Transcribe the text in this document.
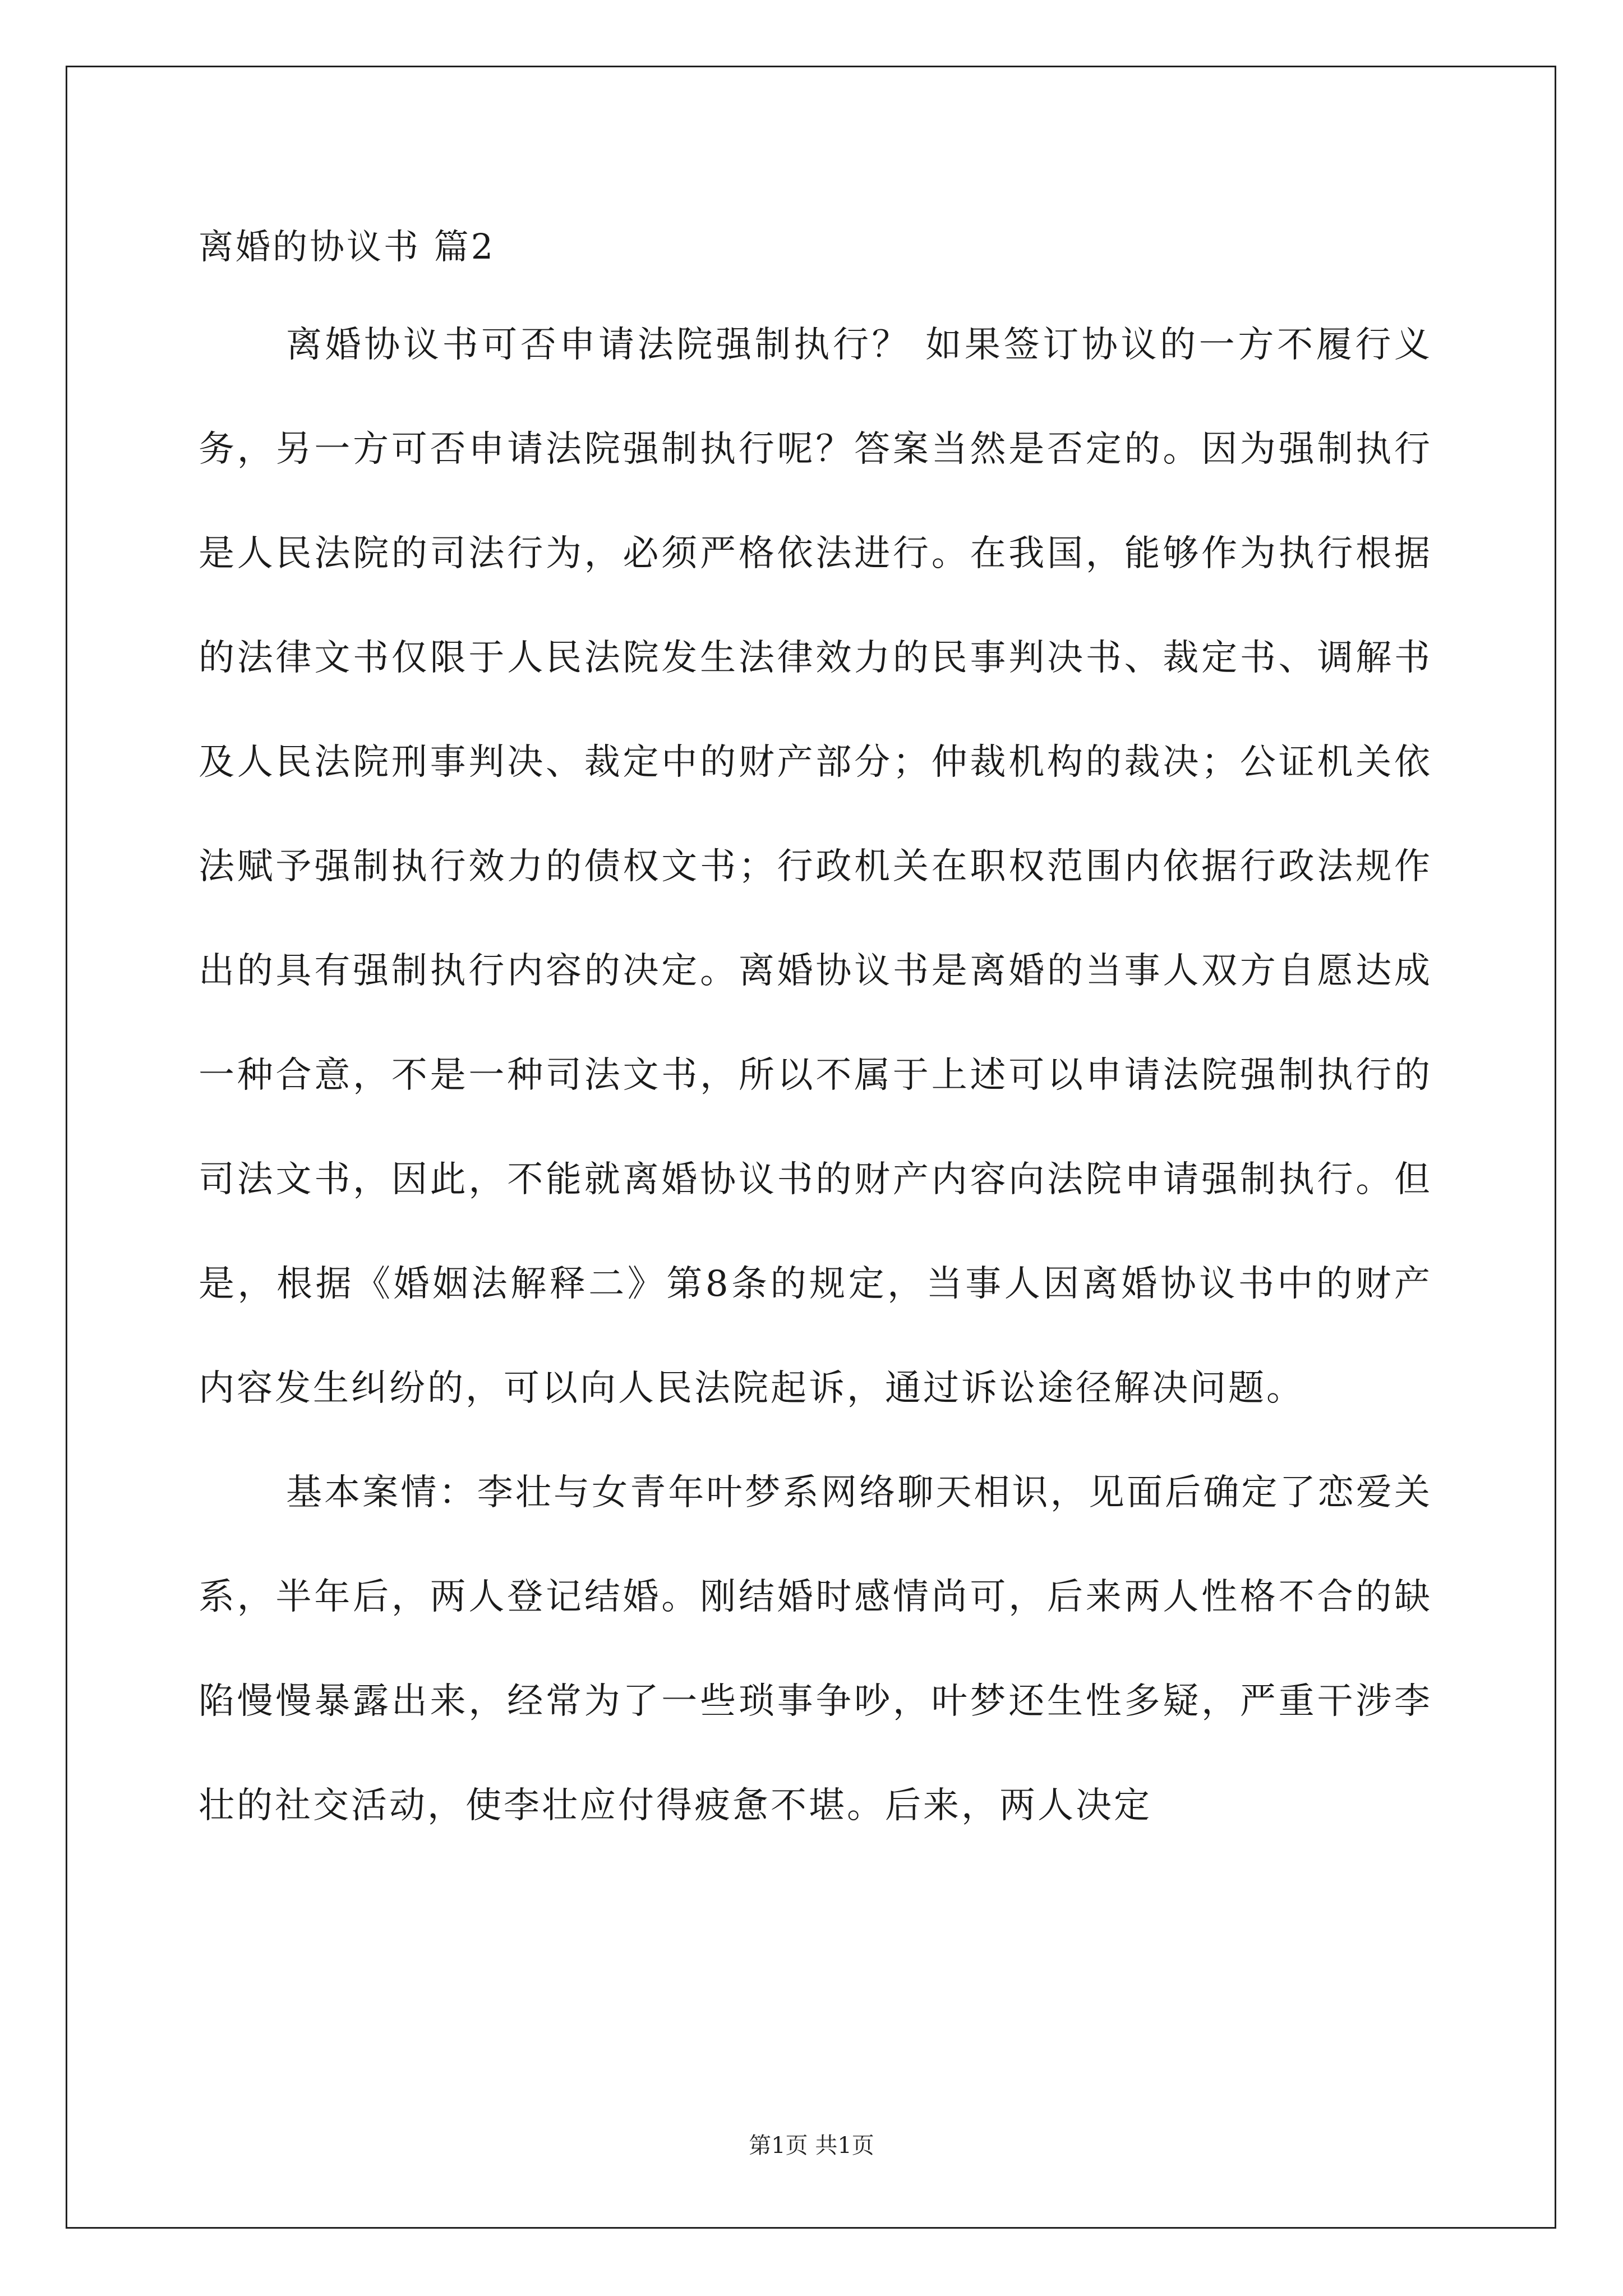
离婚的协议书 篇2

离婚协议书可否申请法院强制执行？ 如果签订协议的一方不履行义务，另一方可否申请法院强制执行呢？答案当然是否定的。因为强制执行是人民法院的司法行为，必须严格依法进行。在我国，能够作为执行根据的法律文书仅限于人民法院发生法律效力的民事判决书、裁定书、调解书及人民法院刑事判决、裁定中的财产部分；仲裁机构的裁决；公证机关依法赋予强制执行效力的债权文书；行政机关在职权范围内依据行政法规作出的具有强制执行内容的决定。离婚协议书是离婚的当事人双方自愿达成一种合意，不是一种司法文书，所以不属于上述可以申请法院强制执行的司法文书，因此，不能就离婚协议书的财产内容向法院申请强制执行。但是，根据《婚姻法解释二》第8条的规定，当事人因离婚协议书中的财产内容发生纠纷的，可以向人民法院起诉，通过诉讼途径解决问题。

基本案情：李壮与女青年叶梦系网络聊天相识，见面后确定了恋爱关系，半年后，两人登记结婚。刚结婚时感情尚可，后来两人性格不合的缺陷慢慢暴露出来，经常为了一些琐事争吵，叶梦还生性多疑，严重干涉李壮的社交活动，使李壮应付得疲惫不堪。后来，两人决定

第1页 共1页
